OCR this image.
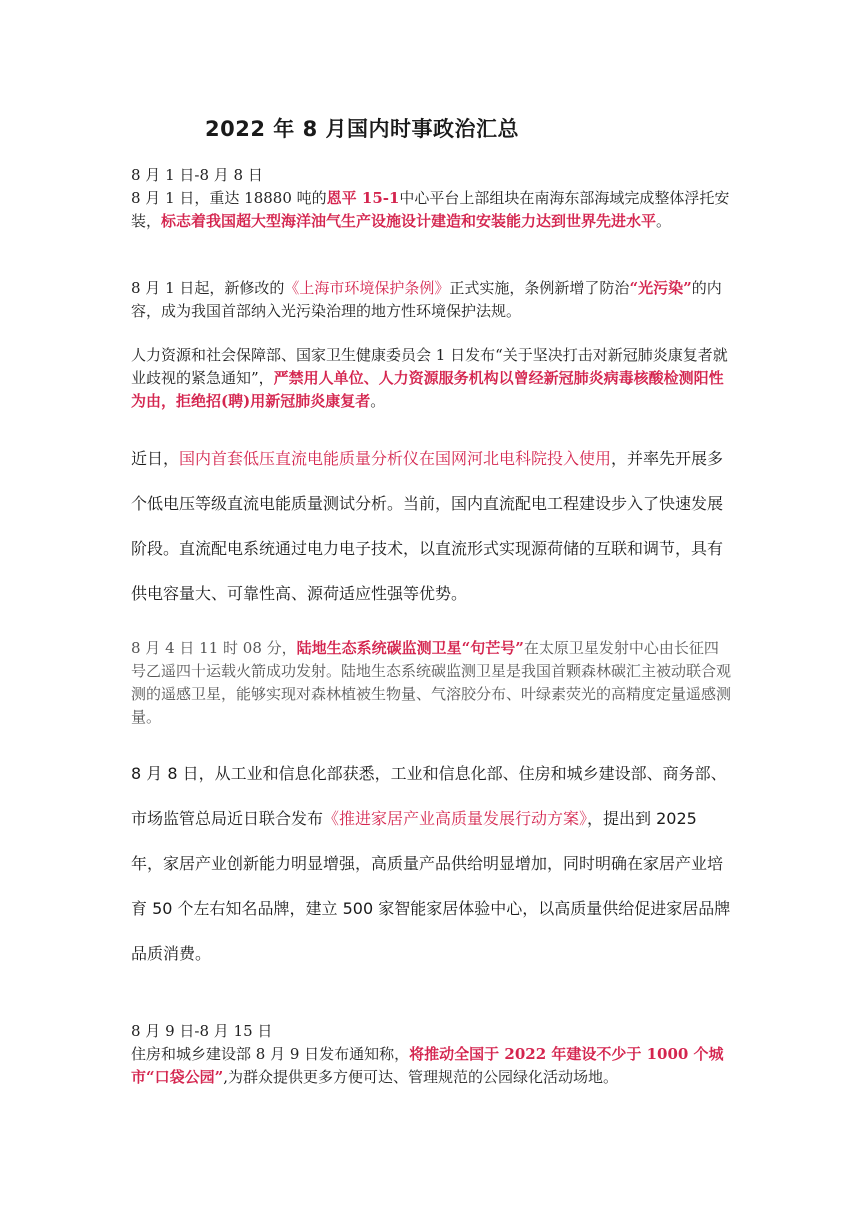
2022 年 8 月国内时事政治汇总

8 月 1 日-8 月 8 日

8 月 1 日，重达 18880 吨的恩平 15-1中心平台上部组块在南海东部海域完成整体浮托安装，标志着我国超大型海洋油气生产设施设计建造和安装能力达到世界先进水平。

8 月 1 日起，新修改的《上海市环境保护条例》正式实施，条例新增了防治“光污染”的内容，成为我国首部纳入光污染治理的地方性环境保护法规。

人力资源和社会保障部、国家卫生健康委员会 1 日发布“关于坚决打击对新冠肺炎康复者就业歧视的紧急通知”，严禁用人单位、人力资源服务机构以曾经新冠肺炎病毒核酸检测阳性为由，拒绝招(聘)用新冠肺炎康复者。

近日，国内首套低压直流电能质量分析仪在国网河北电科院投入使用，并率先开展多个低电压等级直流电能质量测试分析。当前，国内直流配电工程建设步入了快速发展阶段。直流配电系统通过电力电子技术，以直流形式实现源荷储的互联和调节，具有供电容量大、可靠性高、源荷适应性强等优势。

8 月 4 日 11 时 08 分，陆地生态系统碳监测卫星“句芒号”在太原卫星发射中心由长征四号乙遥四十运载火箭成功发射。陆地生态系统碳监测卫星是我国首颗森林碳汇主被动联合观测的遥感卫星，能够实现对森林植被生物量、气溶胶分布、叶绿素荧光的高精度定量遥感测量。

8 月 8 日，从工业和信息化部获悉，工业和信息化部、住房和城乡建设部、商务部、市场监管总局近日联合发布《推进家居产业高质量发展行动方案》，提出到 2025 年，家居产业创新能力明显增强，高质量产品供给明显增加，同时明确在家居产业培育 50 个左右知名品牌，建立 500 家智能家居体验中心，以高质量供给促进家居品牌品质消费。

8 月 9 日-8 月 15 日

住房和城乡建设部 8 月 9 日发布通知称，将推动全国于 2022 年建设不少于 1000 个城市“口袋公园”,为群众提供更多方便可达、管理规范的公园绿化活动场地。
